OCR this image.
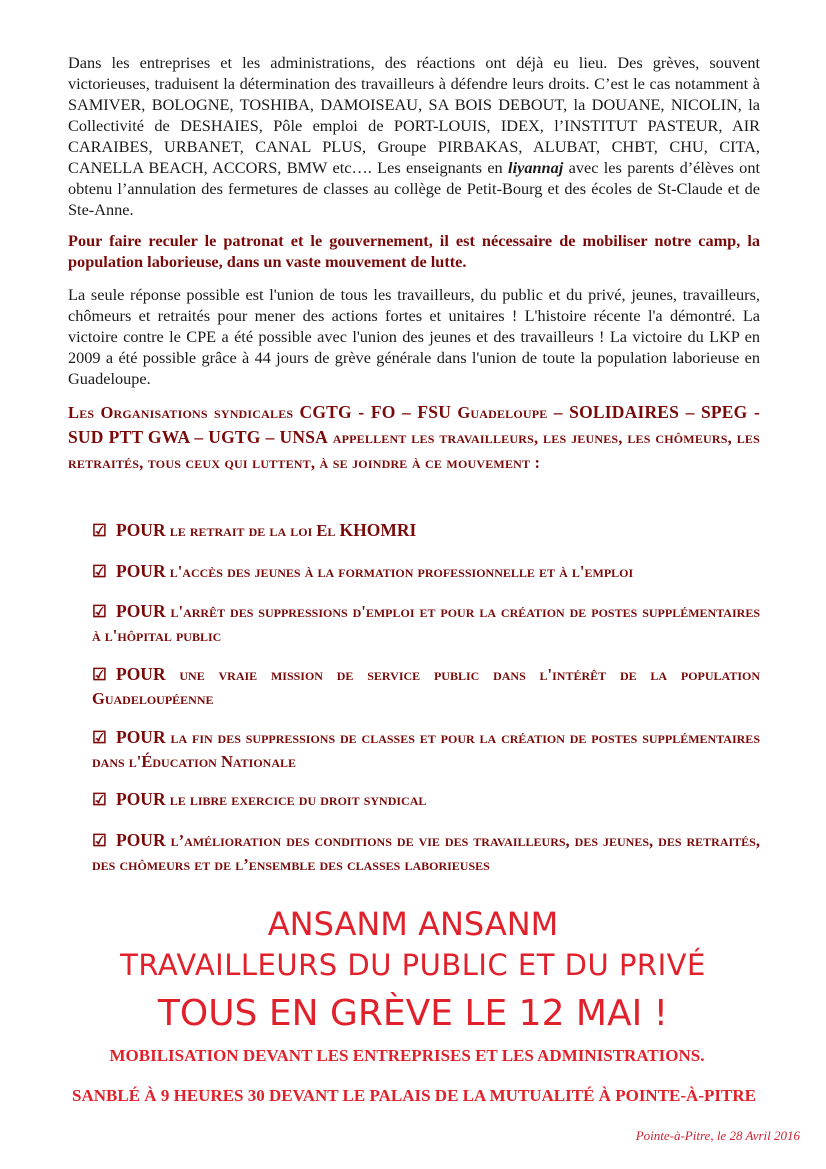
Dans les entreprises et les administrations, des réactions ont déjà eu lieu. Des grèves, souvent victorieuses, traduisent la détermination des travailleurs à défendre leurs droits. C’est le cas notamment à SAMIVER, BOLOGNE, TOSHIBA, DAMOISEAU, SA BOIS DEBOUT, la DOUANE, NICOLIN, la Collectivité de DESHAIES, Pôle emploi de PORT-LOUIS, IDEX, l’INSTITUT PASTEUR, AIR CARAIBES, URBANET, CANAL PLUS, Groupe PIRBAKAS, ALUBAT, CHBT, CHU, CITA, CANELLA BEACH, ACCORS, BMW etc…. Les enseignants en liyannaj avec les parents d’élèves ont obtenu l’annulation des fermetures de classes au collège de Petit-Bourg et des écoles de St-Claude et de Ste-Anne.

Pour faire reculer le patronat et le gouvernement, il est nécessaire de mobiliser notre camp, la population laborieuse, dans un vaste mouvement de lutte.

La seule réponse possible est l'union de tous les travailleurs, du public et du privé, jeunes, travailleurs, chômeurs et retraités pour mener des actions fortes et unitaires ! L'histoire récente l'a démontré. La victoire contre le CPE a été possible avec l'union des jeunes et des travailleurs ! La victoire du LKP en 2009 a été possible grâce à 44 jours de grève générale dans l'union de toute la population laborieuse en Guadeloupe.

Les Organisations syndicales CGTG - FO – FSU Guadeloupe – SOLIDAIRES – SPEG - SUD PTT GWA – UGTG – UNSA appellent les travailleurs, les jeunes, les chômeurs, les retraités, tous ceux qui luttent, à se joindre à ce mouvement :

☑ POUR le retrait de la loi El KHOMRI
☑ POUR l'accès des jeunes à la formation professionnelle et à l'emploi
☑ POUR l'arrêt des suppressions d'emploi et pour la création de postes supplémentaires à l'hôpital public
☑ POUR une vraie mission de service public dans l'intérêt de la population Guadeloupéenne
☑ POUR la fin des suppressions de classes et pour la création de postes supplémentaires dans l'Éducation Nationale
☑ POUR le libre exercice du droit syndical
☑ POUR l’amélioration des conditions de vie des travailleurs, des jeunes, des retraités, des chômeurs et de l’ensemble des classes laborieuses
ANSANM ANSANM
TRAVAILLEURS DU PUBLIC ET DU PRIVÉ
TOUS EN GRÈVE LE 12 MAI !
MOBILISATION DEVANT LES ENTREPRISES ET LES ADMINISTRATIONS.
SANBLÉ À 9 HEURES 30 DEVANT LE PALAIS DE LA MUTUALITÉ À POINTE-À-PITRE
Pointe-à-Pitre, le 28 Avril 2016
